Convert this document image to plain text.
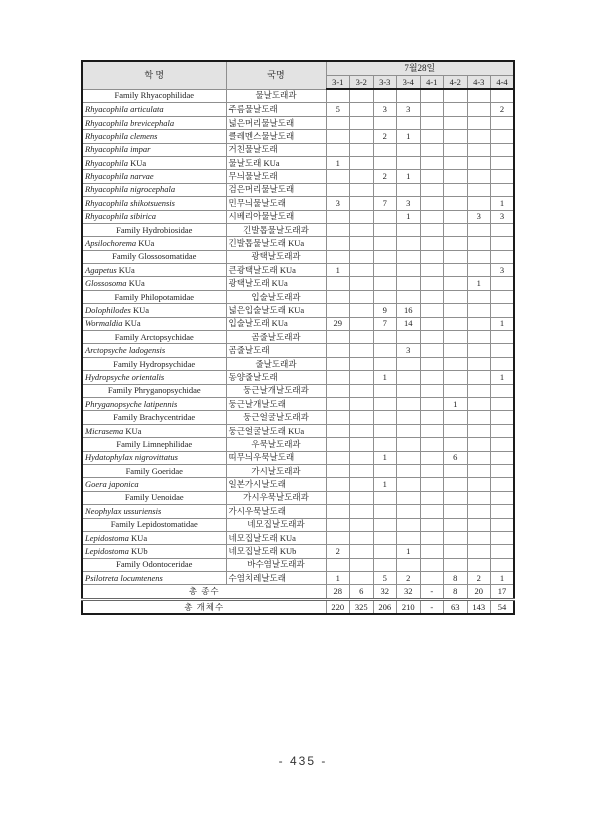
학 명	국명	7월28일							
		3-1	3-2	3-3	3-4	4-1	4-2	4-3	4-4
Family Rhyacophilidae	물날도래과								
Rhyacophila articulata	주름물날도래	5		3	3				2
Rhyacophila brevicephala	넓은머리물날도래								
Rhyacophila clemens	클레멘스물날도래			2	1				
Rhyacophila impar	거친물날도래								
Rhyacophila KUa	물날도래 KUa	1							
Rhyacophila narvae	무늬물날도래			2	1				
Rhyacophila nigrocephala	검은머리물날도래								
Rhyacophila shikotsuensis	민무늬물날도래	3		7	3				1
Rhyacophila sibirica	시베리아물날도래				1			3	3
Family Hydrobiosidae	긴발톱물날도래과								
Apsilochorema KUa	긴발톱물날도래 KUa								
Family Glossosomatidae	광택날도래과								
Agapetus KUa	큰광택날도래 KUa	1							3
Glossosoma KUa	광택날도래 KUa							1	
Family Philopotamidae	입술날도래과								
Dolophilodes KUa	넓은입술날도래 KUa			9	16				
Wormaldia KUa	입술날도래 KUa	29		7	14				1
Family Arctopsychidae	곰줄날도래과								
Arctopsyche ladogensis	곰줄날도래				3				
Family Hydropsychidae	줄날도래과								
Hydropsyche orientalis	동양줄날도래			1					1
Family Phryganopsychidae	둥근날개날도래과								
Phryganopsyche latipennis	둥근날개날도래						1		
Family Brachycentridae	둥근얼굴날도래과								
Micrasema KUa	둥근얼굴날도래 KUa								
Family Limnephilidae	우묵날도래과								
Hydatophylax nigrovittatus	띠무늬우묵날도래			1			6		
Family Goeridae	가시날도래과								
Goera japonica	일본가시날도래			1					
Family Uenoidae	가시우묵날도래과								
Neophylax ussuriensis	가시우묵날도래								
Family Lepidostomatidae	네모집날도래과								
Lepidostoma KUa	네모집날도래 KUa								
Lepidostoma KUb	네모집날도래 KUb	2			1				
Family Odontoceridae	바수염날도래과								
Psilotreta locumtenens	수염치레날도래	1		5	2		8	2	1
총 종수		28	6	32	32	-	8	20	17
총 개체수		220	325	206	210	-	63	143	54
- 435 -
